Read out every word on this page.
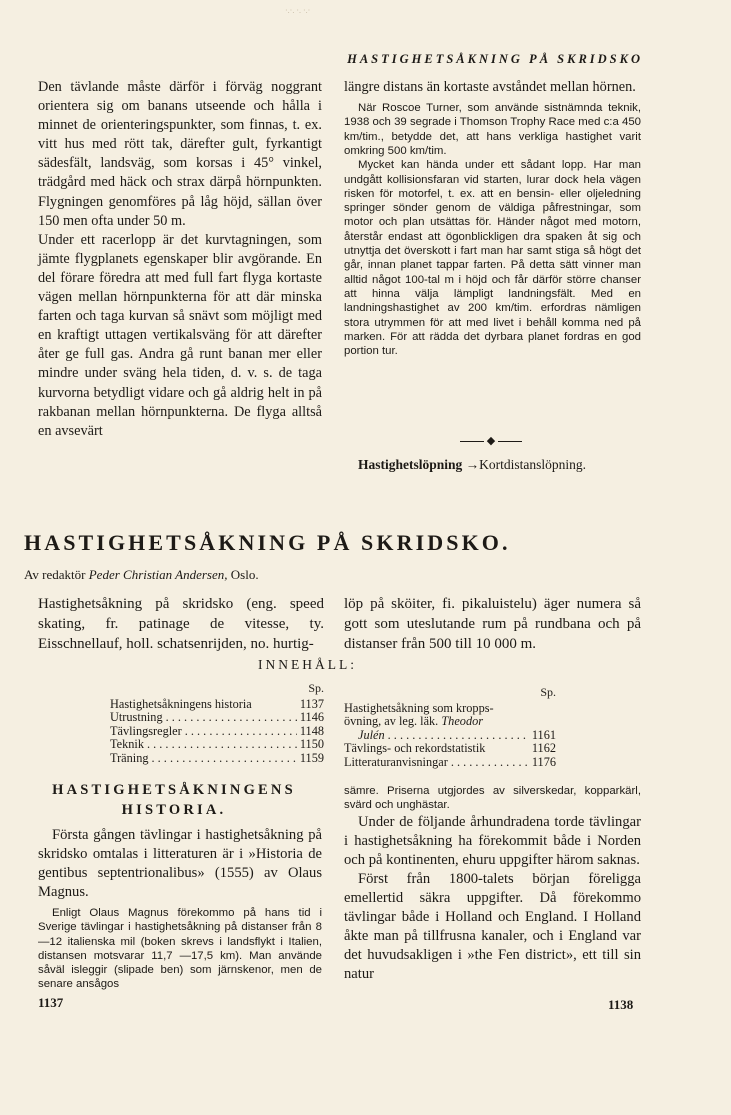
·.·. ·. ·.·
HASTIGHETSÅKNING PÅ SKRIDSKO

Den tävlande måste därför i förväg noggrant orientera sig om banans utseende och hålla i minnet de orienteringspunkter, som finnas, t. ex. vitt hus med rött tak, därefter gult, fyrkantigt sädesfält, landsväg, som korsas i 45° vinkel, trädgård med häck och strax därpå hörnpunkten. Flygningen genomföres på låg höjd, sällan över 150 men ofta under 50 m.

Under ett racerlopp är det kurvtagningen, som jämte flygplanets egenskaper blir avgörande. En del förare föredra att med full fart flyga kortaste vägen mellan hörnpunkterna för att där minska farten och taga kurvan så snävt som möjligt med en kraftigt uttagen vertikalsväng för att därefter åter ge full gas. Andra gå runt banan mer eller mindre under sväng hela tiden, d. v. s. de taga kurvorna betydligt vidare och gå aldrig helt in på rakbanan mellan hörnpunkterna. De flyga alltså en avsevärt

längre distans än kortaste avståndet mellan hörnen.

När Roscoe Turner, som använde sistnämnda teknik, 1938 och 39 segrade i Thomson Trophy Race med c:a 450 km/tim., betydde det, att hans verkliga hastighet varit omkring 500 km/tim.

Mycket kan hända under ett sådant lopp. Har man undgått kollisionsfaran vid starten, lurar dock hela vägen risken för motorfel, t. ex. att en bensin- eller oljeledning springer sönder genom de väldiga påfrestningar, som motor och plan utsättas för. Händer något med motorn, återstår endast att ögonblickligen dra spaken åt sig och utnyttja det överskott i fart man har samt stiga så högt det går, innan planet tappar farten. På detta sätt vinner man alltid något 100-tal m i höjd och får därför större chanser att hinna välja lämpligt landningsfält. Med en landningshastighet av 200 km/tim. erfordras nämligen stora utrymmen för att med livet i behåll komma ned på marken. För att rädda det dyrbara planet fordras en god portion tur.

◆
Hastighetslöpning →Kortdistanslöpning.
HASTIGHETSÅKNING PÅ SKRIDSKO.
Av redaktör Peder Christian Andersen, Oslo.
Hastighetsåkning på skridsko (eng. speed skating, fr. patinage de vitesse, ty. Eisschnellauf, holl. schatsenrijden, no. hurtig-
löp på sköiter, fi. pikaluistelu) äger numera så gott som uteslutande rum på rundbana och på distanser från 500 till 10 000 m.
INNEHÅLL:
Sp.
Hastighetsåkningens historia	1137
Utrustning . . .	1146
Tävlingsregler . . .	1148
Teknik . . .	1150
Träning . . .	1159
Sp.
Hastighetsåkning som kropps-
övning, av leg. läk. Theodor
Julén . . .	1161
Tävlings- och rekordstatistik	1162
Litteraturanvisningar . . .	1176
HASTIGHETSÅKNINGENS HISTORIA.

Första gången tävlingar i hastighetsåkning på skridsko omtalas i litteraturen är i »Historia de gentibus septentrionalibus» (1555) av Olaus Magnus.

Enligt Olaus Magnus förekommo på hans tid i Sverige tävlingar i hastighetsåkning på distanser från 8—12 italienska mil (boken skrevs i landsflykt i Italien, distansen motsvarar 11,7 —17,5 km). Man använde såväl isleggir (slipade ben) som järnskenor, men de senare ansågos

sämre. Priserna utgjordes av silverskedar, kopparkärl, svärd och unghästar.

Under de följande århundradena torde tävlingar i hastighetsåkning ha förekommit både i Norden och på kontinenten, ehuru uppgifter härom saknas.

Först från 1800-talets början föreligga emellertid säkra uppgifter. Då förekommo tävlingar både i Holland och England. I Holland åkte man på tillfrusna kanaler, och i England var det huvudsakligen i »the Fen district», ett till sin natur

1137	1138
